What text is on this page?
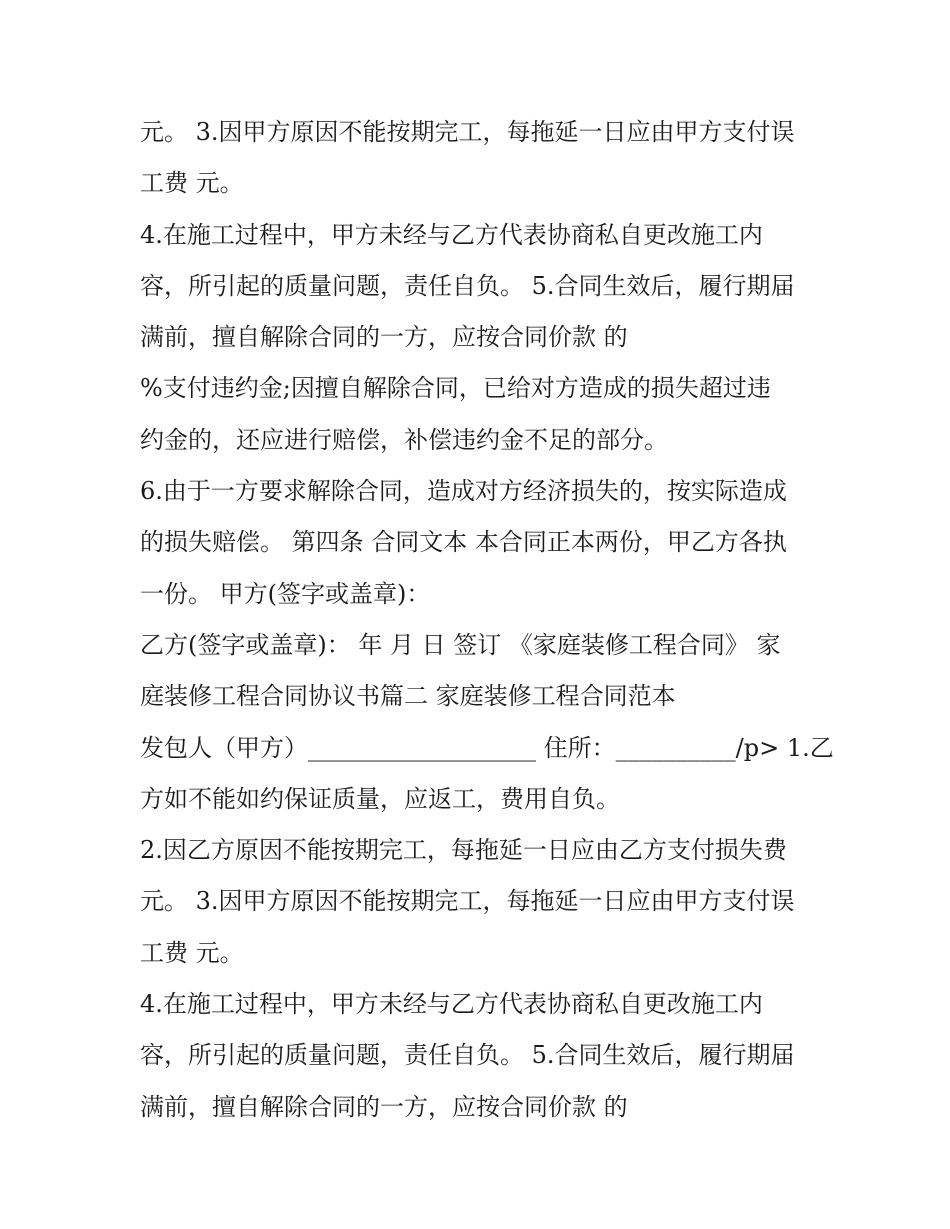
元。 3.因甲方原因不能按期完工，每拖延一日应由甲方支付误
工费 元。
4.在施工过程中，甲方未经与乙方代表协商私自更改施工内
容，所引起的质量问题，责任自负。 5.合同生效后，履行期届
满前，擅自解除合同的一方，应按合同价款 的
%支付违约金;因擅自解除合同，已给对方造成的损失超过违
约金的，还应进行赔偿，补偿违约金不足的部分。
6.由于一方要求解除合同，造成对方经济损失的，按实际造成
的损失赔偿。 第四条 合同文本 本合同正本两份，甲乙方各执
一份。 甲方(签字或盖章)：
乙方(签字或盖章)： 年 月 日 签订 《家庭装修工程合同》 家
庭装修工程合同协议书篇二 家庭装修工程合同范本
发包人（甲方）___________________ 住所：__________/p> 1.乙
方如不能如约保证质量，应返工，费用自负。
2.因乙方原因不能按期完工，每拖延一日应由乙方支付损失费
元。 3.因甲方原因不能按期完工，每拖延一日应由甲方支付误
工费 元。
4.在施工过程中，甲方未经与乙方代表协商私自更改施工内
容，所引起的质量问题，责任自负。 5.合同生效后，履行期届
满前，擅自解除合同的一方，应按合同价款 的
